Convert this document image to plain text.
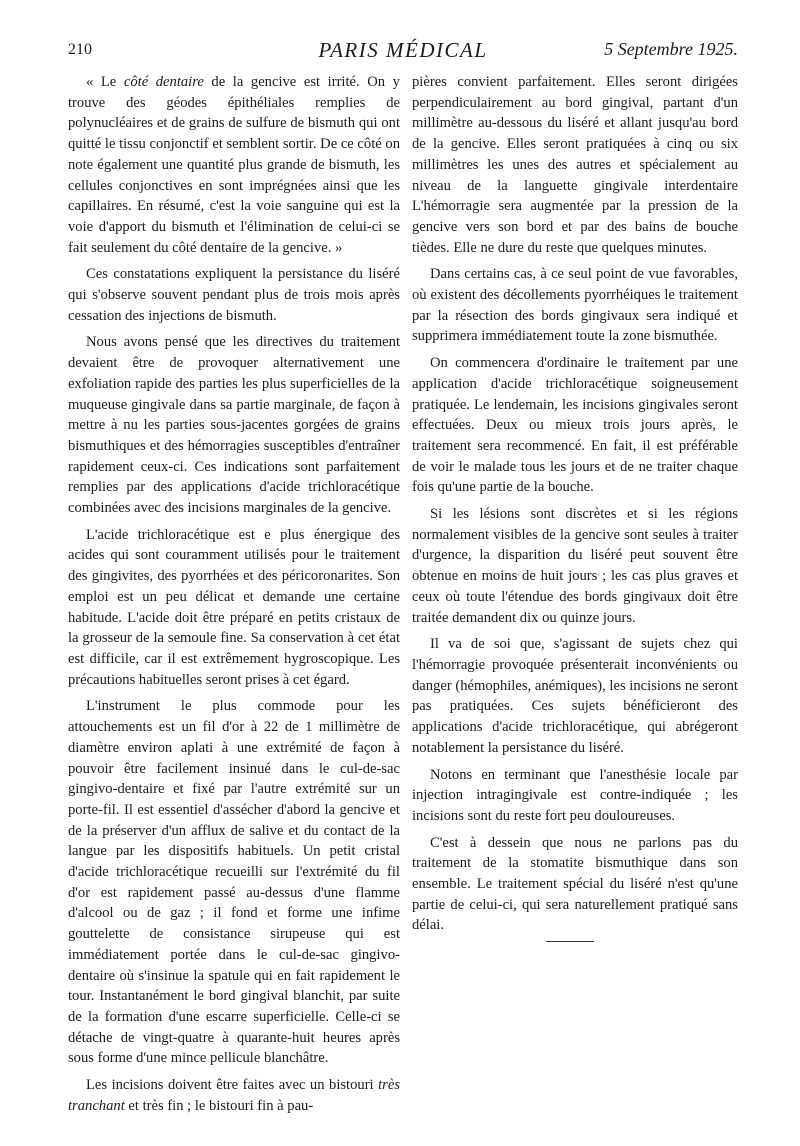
210	PARIS MÉDICAL	5 Septembre 1925.

« Le côté dentaire de la gencive est irrité. On y trouve des géodes épithéliales remplies de polynucléaires et de grains de sulfure de bismuth qui ont quitté le tissu conjonctif et semblent sortir. De ce côté on note également une quantité plus grande de bismuth, les cellules conjonctives en sont imprégnées ainsi que les capillaires. En résumé, c'est la voie sanguine qui est la voie d'apport du bismuth et l'élimination de celui-ci se fait seulement du côté dentaire de la gencive. »

Ces constatations expliquent la persistance du liséré qui s'observe souvent pendant plus de trois mois après cessation des injections de bismuth.

Nous avons pensé que les directives du traitement devaient être de provoquer alternativement une exfoliation rapide des parties les plus superficielles de la muqueuse gingivale dans sa partie marginale, de façon à mettre à nu les parties sous-jacentes gorgées de grains bismuthiques et des hémorragies susceptibles d'entraîner rapidement ceux-ci. Ces indications sont parfaitement remplies par des applications d'acide trichloracétique combinées avec des incisions marginales de la gencive.

L'acide trichloracétique est e plus énergique des acides qui sont couramment utilisés pour le traitement des gingivites, des pyorrhées et des péricoronarites. Son emploi est un peu délicat et demande une certaine habitude. L'acide doit être préparé en petits cristaux de la grosseur de la semoule fine. Sa conservation à cet état est difficile, car il est extrêmement hygroscopique. Les précautions habituelles seront prises à cet égard.

L'instrument le plus commode pour les attouchements est un fil d'or à 22 de 1 millimètre de diamètre environ aplati à une extrémité de façon à pouvoir être facilement insinué dans le cul-de-sac gingivo-dentaire et fixé par l'autre extrémité sur un porte-fil. Il est essentiel d'assécher d'abord la gencive et de la préserver d'un afflux de salive et du contact de la langue par les dispositifs habituels. Un petit cristal d'acide trichloracétique recueilli sur l'extrémité du fil d'or est rapidement passé au-dessus d'une flamme d'alcool ou de gaz ; il fond et forme une infime gouttelette de consistance sirupeuse qui est immédiatement portée dans le cul-de-sac gingivo-dentaire où s'insinue la spatule qui en fait rapidement le tour. Instantanément le bord gingival blanchit, par suite de la formation d'une escarre superficielle. Celle-ci se détache de vingt-quatre à quarante-huit heures après sous forme d'une mince pellicule blanchâtre.

Les incisions doivent être faites avec un bistouri très tranchant et très fin ; le bistouri fin à pau-

pières convient parfaitement. Elles seront dirigées perpendiculairement au bord gingival, partant d'un millimètre au-dessous du liséré et allant jusqu'au bord de la gencive. Elles seront pratiquées à cinq ou six millimètres les unes des autres et spécialement au niveau de la languette gingivale interdentaire L'hémorragie sera augmentée par la pression de la gencive vers son bord et par des bains de bouche tièdes. Elle ne dure du reste que quelques minutes.

Dans certains cas, à ce seul point de vue favorables, où existent des décollements pyorrhéiques le traitement par la résection des bords gingivaux sera indiqué et supprimera immédiatement toute la zone bismuthée.

On commencera d'ordinaire le traitement par une application d'acide trichloracétique soigneusement pratiquée. Le lendemain, les incisions gingivales seront effectuées. Deux ou mieux trois jours après, le traitement sera recommencé. En fait, il est préférable de voir le malade tous les jours et de ne traiter chaque fois qu'une partie de la bouche.

Si les lésions sont discrètes et si les régions normalement visibles de la gencive sont seules à traiter d'urgence, la disparition du liséré peut souvent être obtenue en moins de huit jours ; les cas plus graves et ceux où toute l'étendue des bords gingivaux doit être traitée demandent dix ou quinze jours.

Il va de soi que, s'agissant de sujets chez qui l'hémorragie provoquée présenterait inconvénients ou danger (hémophiles, anémiques), les incisions ne seront pas pratiquées. Ces sujets bénéficieront des applications d'acide trichloracétique, qui abrégeront notablement la persistance du liséré.

Notons en terminant que l'anesthésie locale par injection intragingivale est contre-indiquée ; les incisions sont du reste fort peu douloureuses.

C'est à dessein que nous ne parlons pas du traitement de la stomatite bismuthique dans son ensemble. Le traitement spécial du liséré n'est qu'une partie de celui-ci, qui sera naturellement pratiqué sans délai.
